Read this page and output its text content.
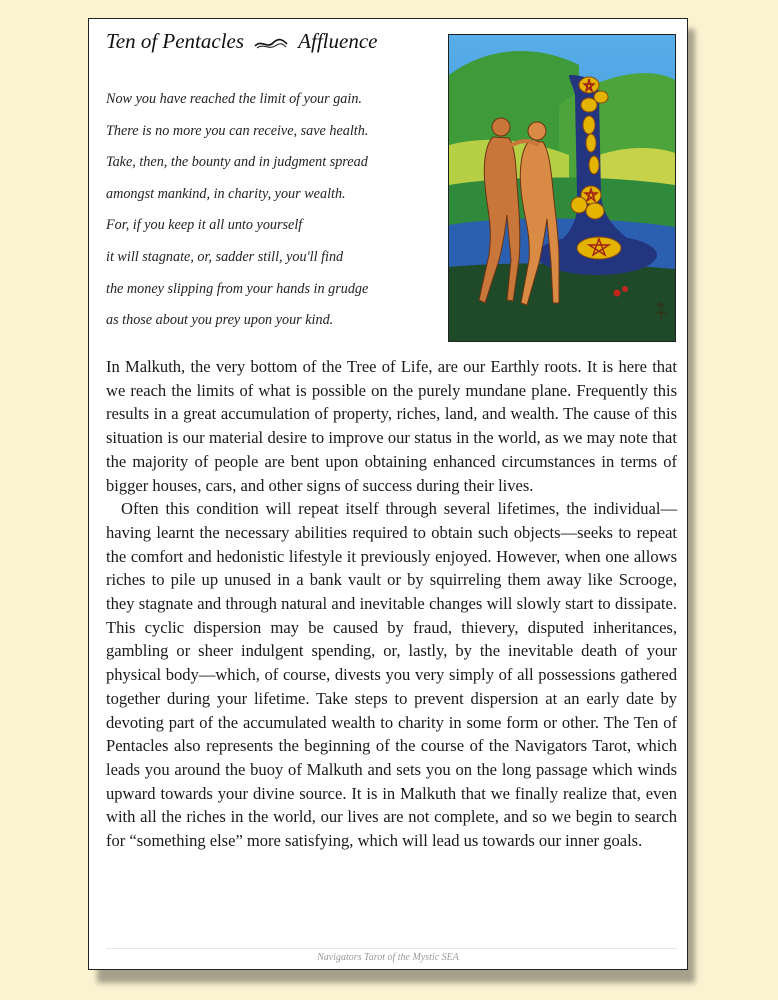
Ten of Pentacles	Affluence
Now you have reached the limit of your gain.
There is no more you can receive, save health.
Take, then, the bounty and in judgment spread
amongst mankind, in charity, your wealth.
For, if you keep it all unto yourself
it will stagnate, or, sadder still, you'll find
the money slipping from your hands in grudge
as those about you prey upon your kind.

In Malkuth, the very bottom of the Tree of Life, are our Earthly roots. It is here that we reach the limits of what is possible on the purely mundane plane. Frequently this results in a great accumulation of property, riches, land, and wealth. The cause of this situation is our material desire to improve our status in the world, as we may note that the majority of people are bent upon obtaining enhanced circumstances in terms of bigger houses, cars, and other signs of success during their lives.

Often this condition will repeat itself through several lifetimes, the individual—having learnt the necessary abilities required to obtain such objects—seeks to repeat the comfort and hedonistic lifestyle it previously enjoyed. However, when one allows riches to pile up unused in a bank vault or by squirreling them away like Scrooge, they stagnate and through natural and inevitable changes will slowly start to dissipate. This cyclic dispersion may be caused by fraud, thievery, disputed inheritances, gambling or sheer indulgent spending, or, lastly, by the inevitable death of your physical body—which, of course, divests you very simply of all possessions gathered together during your lifetime. Take steps to prevent dispersion at an early date by devoting part of the accumulated wealth to charity in some form or other. The Ten of Pentacles also represents the beginning of the course of the Navigators Tarot, which leads you around the buoy of Malkuth and sets you on the long passage which winds upward towards your divine source. It is in Malkuth that we finally realize that, even with all the riches in the world, our lives are not complete, and so we begin to search for “something else” more satisfying, which will lead us towards our inner goals.

Navigators Tarot of the Mystic SEA
